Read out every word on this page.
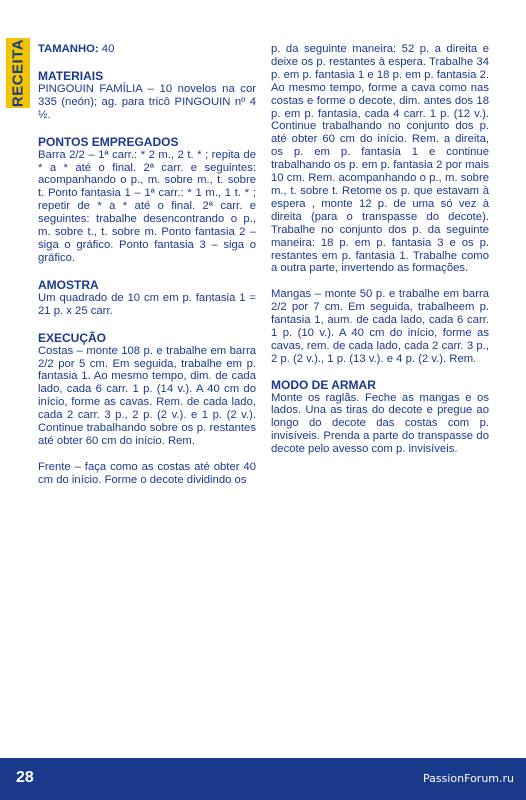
RECEITA TAMANHO: 40
MATERIAIS
PINGOUIN FAMÍLIA – 10 novelos na cor 335 (neón); ag. para tricô PINGOUIN nº 4 ½.
PONTOS EMPREGADOS
Barra 2/2 – 1ª carr.: * 2 m., 2 t. * ; repita de * a * até o final. 2ª carr. e seguintes: acompanhando o p., m. sobre m., t. sobre t. Ponto fantasia 1 – 1ª carr.: * 1 m., 1 t. * ; repetir de * a * até o final. 2ª carr. e seguintes: trabalhe desencontrando o p., m. sobre t., t. sobre m. Ponto fantasia 2 – siga o gráfico. Ponto fantasia 3 – siga o gráfico.
AMOSTRA
Um quadrado de 10 cm em p. fantasia 1 = 21 p. x 25 carr.
EXECUÇÃO

Costas – monte 108 p. e trabalhe em barra 2/2 por 5 cm. Em seguida, trabalhe em p. fantasia 1. Ao mesmo tempo, dim. de cada lado, cada 6 carr. 1 p. (14 v.). A 40 cm do início, forme as cavas. Rem. de cada lado, cada 2 carr. 3 p., 2 p. (2 v.). e 1 p. (2 v.). Continue trabalhando sobre os p. restantes até obter 60 cm do início. Rem.

Frente – faça como as costas até obter 40 cm do início. Forme o decote dividindo os

p. da seguinte maneira: 52 p. a direita e deixe os p. restantes à espera. Trabalhe 34 p. em p. fantasia 1 e 18 p. em p. fantasia 2. Ao mesmo tempo, forme a cava como nas costas e forme o decote, dim. antes dos 18 p. em p. fantasia, cada 4 carr. 1 p. (12 v.). Continue trabalhando no conjunto dos p. até obter 60 cm do início. Rem. a direita, os p. em p. fantasia 1 e continue trabalhando os p. em p. fantasia 2 por mais 10 cm. Rem. acompanhando o p., m. sobre m., t. sobre t. Retome os p. que estavam à espera , monte 12 p. de uma só vez à direita (para o transpasse do decote). Trabalhe no conjunto dos p. da seguinte maneira: 18 p. em p. fantasia 3 e os p. restantes em p. fantasia 1. Trabalhe como a outra parte, invertendo as formações.

Mangas – monte 50 p. e trabalhe em barra 2/2 por 7 cm. Em seguida, trabalheem p. fantasia 1, aum. de cada lado, cada 6 carr. 1 p. (10 v.). A 40 cm do início, forme as cavas, rem. de cada lado, cada 2 carr. 3 p., 2 p. (2 v.)., 1 p. (13 v.). e 4 p. (2 v.). Rem.

MODO DE ARMAR
Monte os raglãs. Feche as mangas e os lados. Una as tiras do decote e pregue ao longo do decote das costas com p. invisíveis. Prenda a parte do transpasse do decote pelo avesso com p. invisíveis.
28	PassionForum.ru
